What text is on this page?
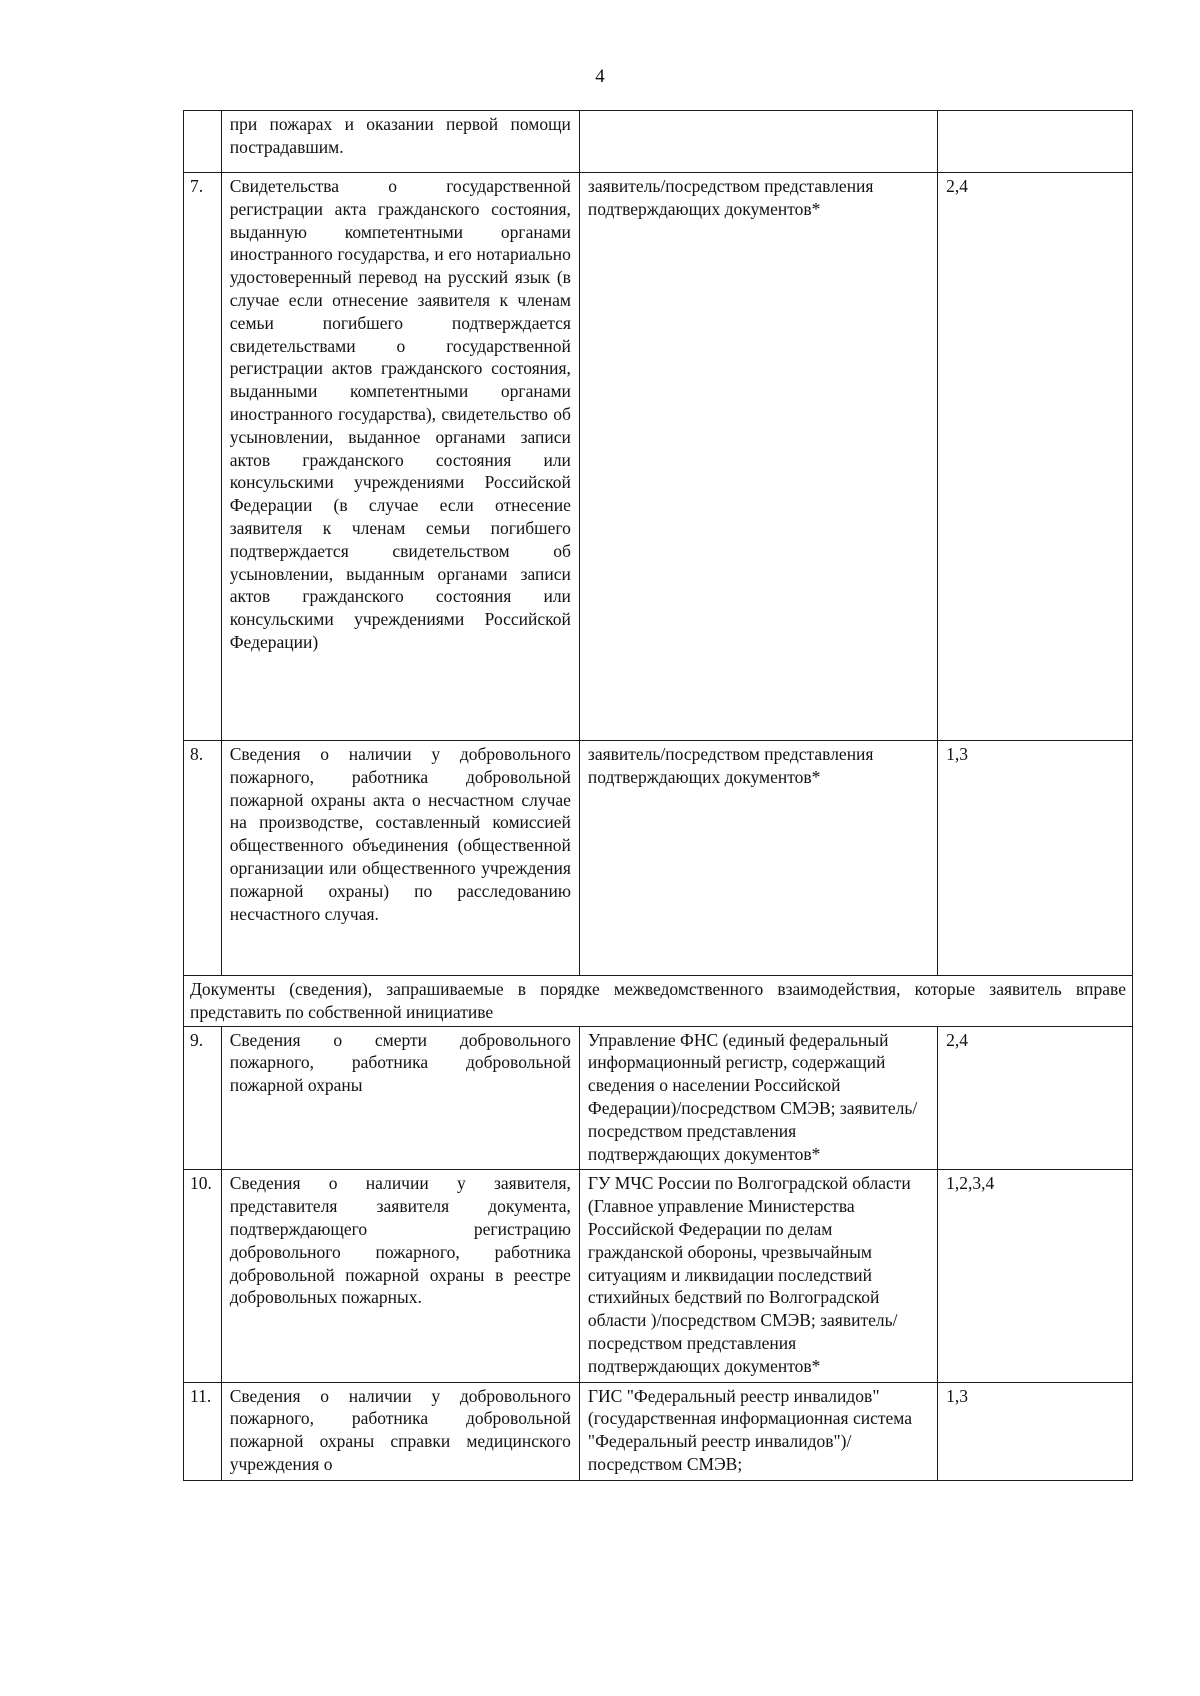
4
	при пожарах и оказании первой помощи пострадавшим.		
7.	Свидетельства о государственной регистрации акта гражданского состояния, выданную компетентными органами иностранного государства, и его нотариально удостоверенный перевод на русский язык (в случае если отнесение заявителя к членам семьи погибшего подтверждается свидетельствами о государственной регистрации актов гражданского состояния, выданными компетентными органами иностранного государства), свидетельство об усыновлении, выданное органами записи актов гражданского состояния или консульскими учреждениями Российской Федерации (в случае если отнесение заявителя к членам семьи погибшего подтверждается свидетельством об усыновлении, выданным органами записи актов гражданского состояния или консульскими учреждениями Российской Федерации)	заявитель/посредством представления подтверждающих документов*	2,4
8.	Сведения о наличии у добровольного пожарного, работника добровольной пожарной охраны акта о несчастном случае на производстве, составленный комиссией общественного объединения (общественной организации или общественного учреждения пожарной охраны) по расследованию несчастного случая.	заявитель/посредством представления подтверждающих документов*	1,3
Документы (сведения), запрашиваемые в порядке межведомственного взаимодействия, которые заявитель вправе представить по собственной инициативе			
9.	Сведения о смерти добровольного пожарного, работника добровольной пожарной охраны	Управление ФНС (единый федеральный информационный регистр, содержащий сведения о населении Российской Федерации)/посредством СМЭВ; заявитель/посредством представления подтверждающих документов*	2,4
10.	Сведения о наличии у заявителя, представителя заявителя документа, подтверждающего регистрацию добровольного пожарного, работника добровольной пожарной охраны в реестре добровольных пожарных.	ГУ МЧС России по Волгоградской области (Главное управление Министерства Российской Федерации по делам гражданской обороны, чрезвычайным ситуациям и ликвидации последствий стихийных бедствий по Волгоградской области )/посредством СМЭВ; заявитель/посредством представления подтверждающих документов*	1,2,3,4
11.	Сведения о наличии у добровольного пожарного, работника добровольной пожарной охраны справки медицинского учреждения о	ГИС "Федеральный реестр инвалидов" (государственная информационная система "Федеральный реестр инвалидов")/ посредством СМЭВ;	1,3
